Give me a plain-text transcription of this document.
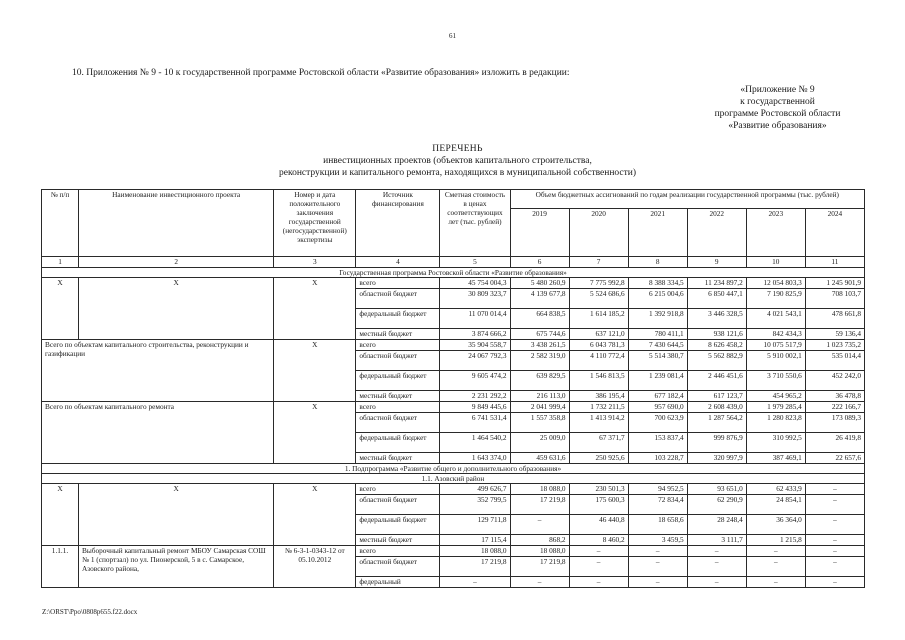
61
10. Приложения № 9 - 10 к государственной программе Ростовской области «Развитие образования» изложить в редакции:
«Приложение № 9
к государственной
программе Ростовской области
«Развитие образования»
ПЕРЕЧЕНЬ
инвестиционных проектов (объектов капитального строительства,
реконструкции и капитального ремонта, находящихся в муниципальной собственности)
№ п/п	Наименование инвестиционного проекта	Номер и дата положительного заключения государственной (негосударственной) экспертизы	Источник финансирования	Сметная стоимость в ценах соответствующих лет (тыс. рублей)	Объем бюджетных ассигнований по годам реализации государственной программы (тыс. рублей)					
					2019	2020	2021	2022	2023	2024
1	2	3	4	5	6	7	8	9	10	11
Государственная программа Ростовской области «Развитие образования»										
X	X	X	всего	45 754 004,3	5 480 260,9	7 775 992,8	8 388 334,5	11 234 897,2	12 054 803,3	1 245 901,9
			областной бюджет	30 809 323,7	4 139 677,8	5 524 686,6	6 215 004,6	6 850 447,1	7 190 825,9	708 103,7
			федеральный бюджет	11 070 014,4	664 838,5	1 614 185,2	1 392 918,8	3 446 328,5	4 021 543,1	478 661,8
			местный бюджет	3 874 666,2	675 744,6	637 121,0	780 411,1	938 121,6	842 434,3	59 136,4
Всего по объектам капитального строительства, реконструкции и газификации		X	всего	35 904 558,7	3 438 261,5	6 043 781,3	7 430 644,5	8 626 458,2	10 075 517,9	1 023 735,2
			областной бюджет	24 067 792,3	2 582 319,0	4 110 772,4	5 514 380,7	5 562 882,9	5 910 002,1	535 014,4
			федеральный бюджет	9 605 474,2	639 829,5	1 546 813,5	1 239 081,4	2 446 451,6	3 710 550,6	452 242,0
			местный бюджет	2 231 292,2	216 113,0	386 195,4	677 182,4	617 123,7	454 965,2	36 478,8
Всего по объектам капитального ремонта		X	всего	9 849 445,6	2 041 999,4	1 732 211,5	957 690,0	2 608 439,0	1 979 285,4	222 166,7
			областной бюджет	6 741 531,4	1 557 358,8	1 413 914,2	700 623,9	1 287 564,2	1 280 823,8	173 089,3
			федеральный бюджет	1 464 540,2	25 009,0	67 371,7	153 837,4	999 876,9	310 992,5	26 419,8
			местный бюджет	1 643 374,0	459 631,6	250 925,6	103 228,7	320 997,9	387 469,1	22 657,6
1. Подпрограмма «Развитие общего и дополнительного образования»										
1.1. Азовский район										
X	X	X	всего	499 626,7	18 088,0	230 501,3	94 952,5	93 651,0	62 433,9	–
			областной бюджет	352 799,5	17 219,8	175 600,3	72 834,4	62 290,9	24 854,1	–
			федеральный бюджет	129 711,8	–	46 440,8	18 658,6	28 248,4	36 364,0	–
			местный бюджет	17 115,4	868,2	8 460,2	3 459,5	3 111,7	1 215,8	–
1.1.1.	Выборочный капитальный ремонт МБОУ Самарская СОШ № 1 (спортзал) по ул. Пионерской, 5 в с. Самарское, Азовского района,	№ 6-3-1-0343-12 от 05.10.2012	всего	18 088,0	18 088,0	–	–	–	–	–
			областной бюджет	17 219,8	17 219,8	–	–	–	–	–
			федеральный	–	–	–	–	–	–	–
Z:\ORST\Ppo\0808p655.f22.docx
